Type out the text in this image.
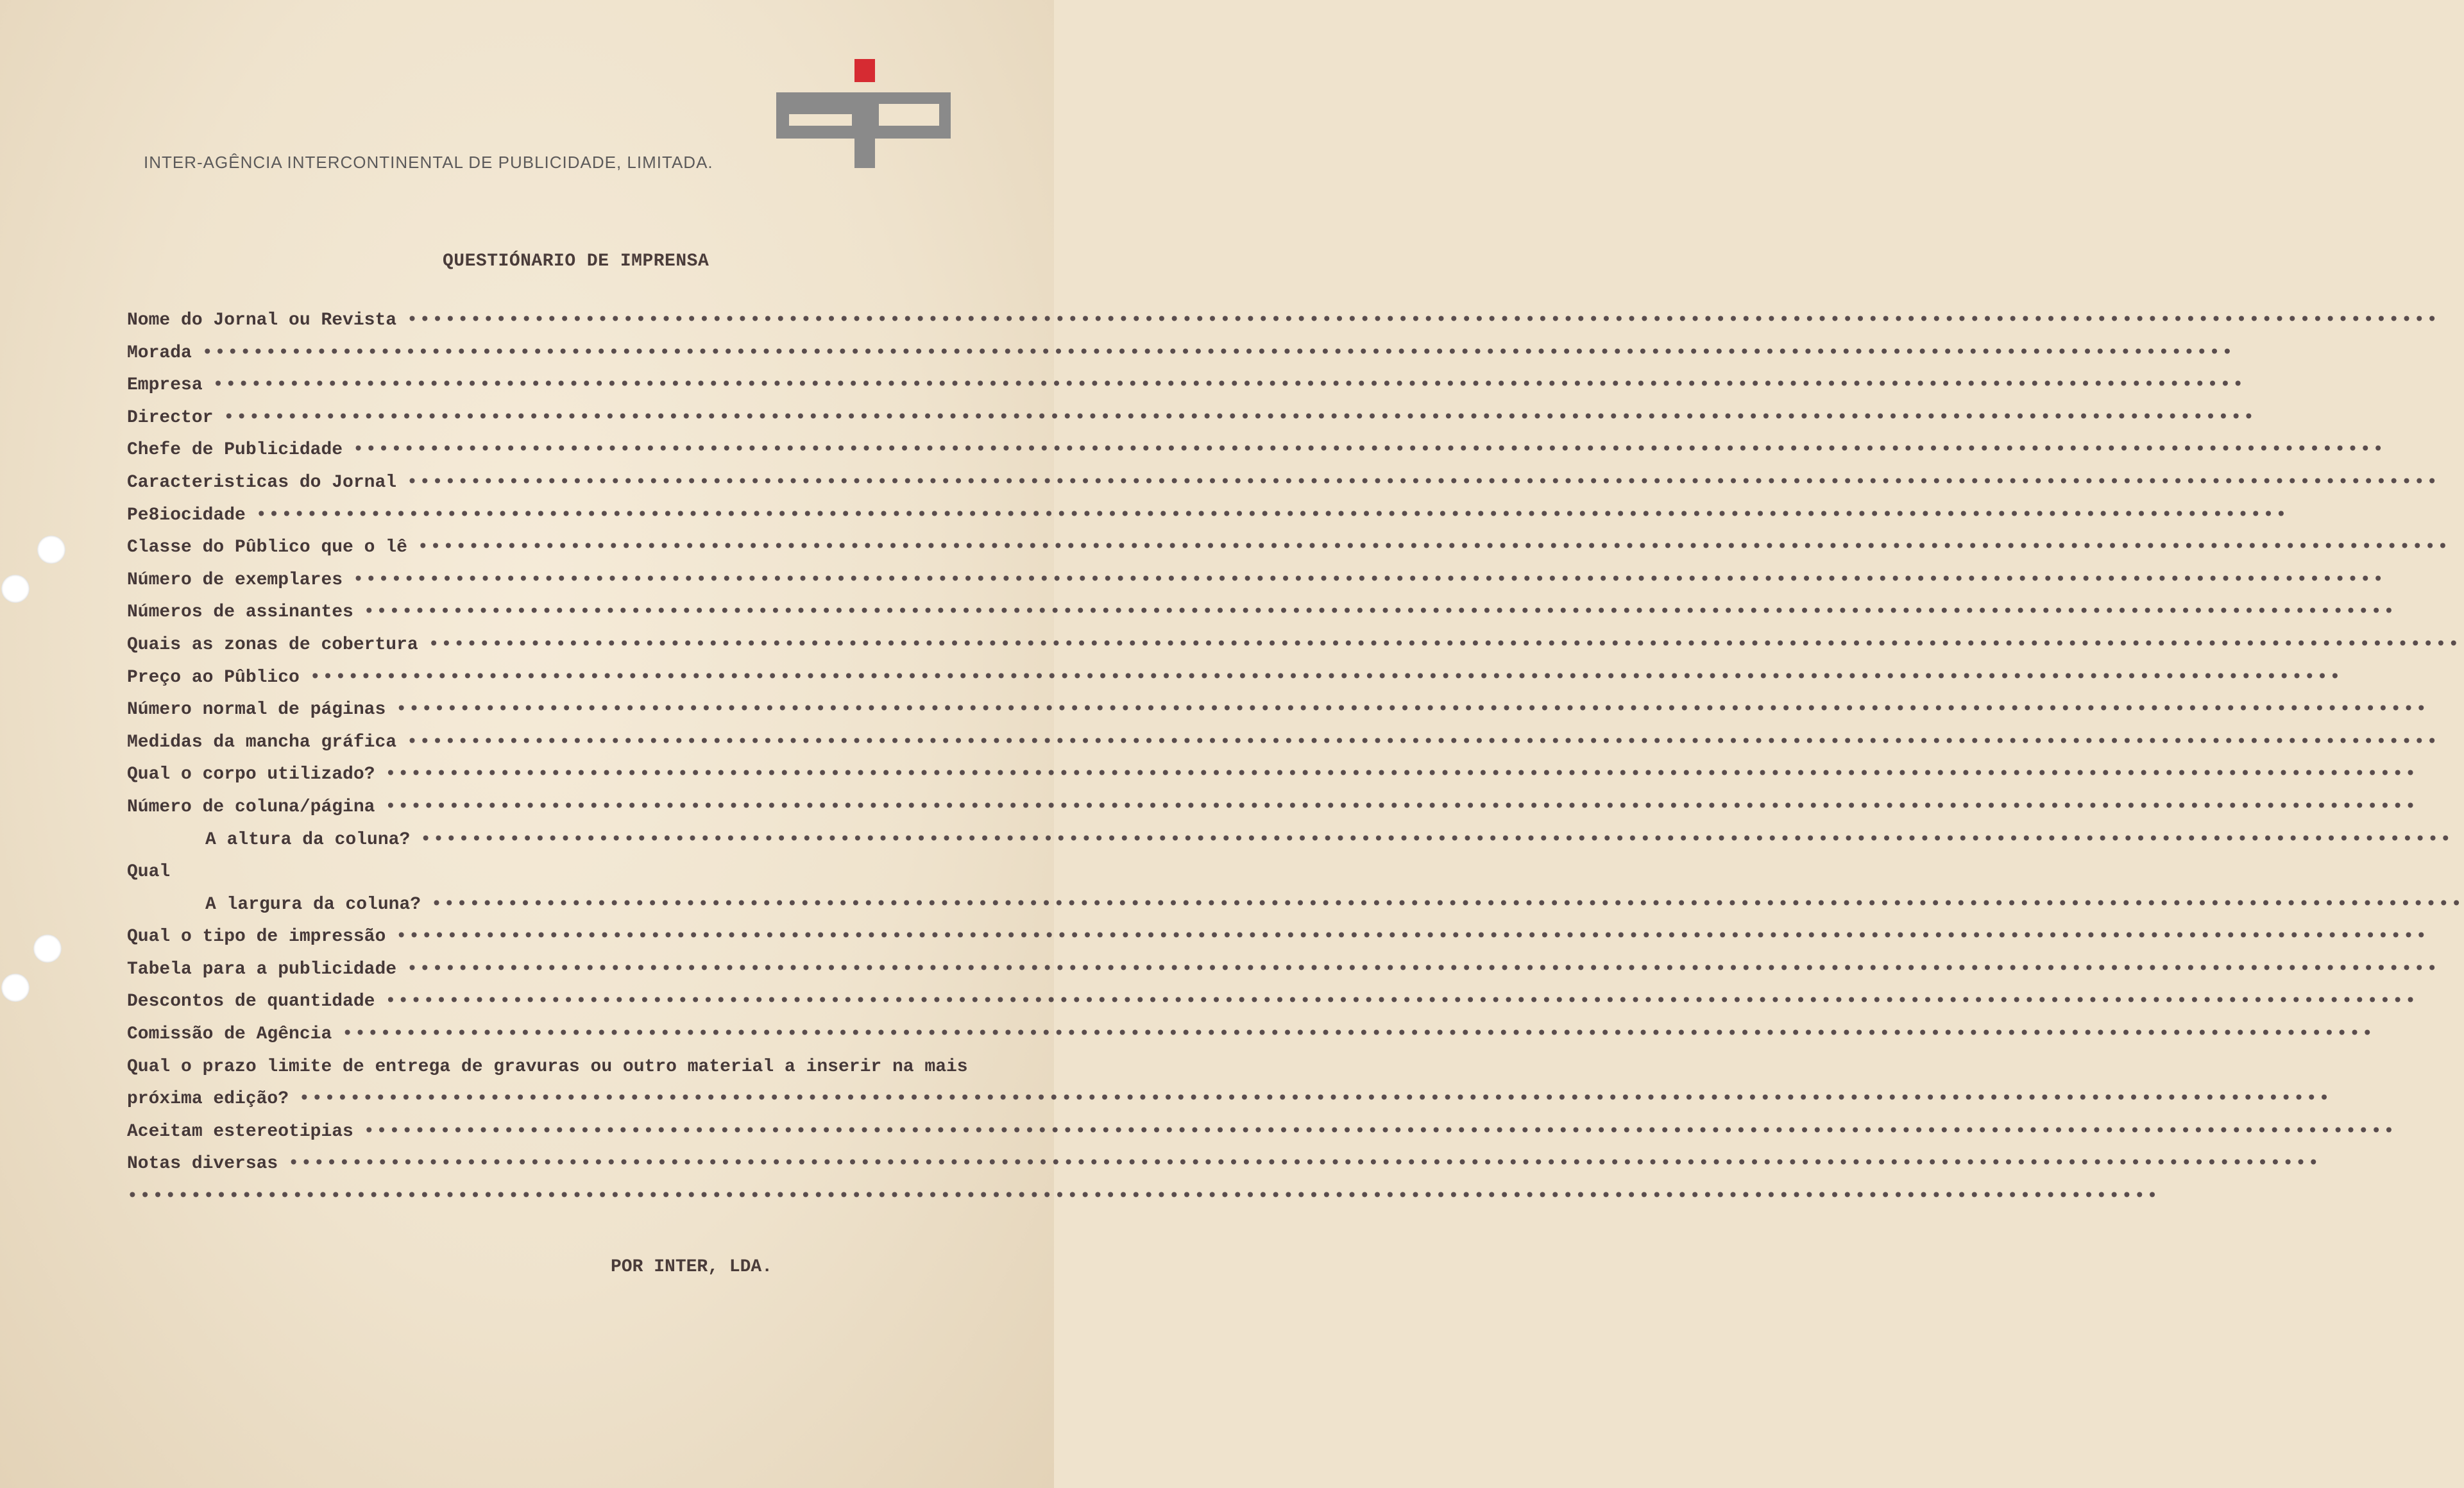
INTER-AGÊNCIA INTERCONTINENTAL DE PUBLICIDADE, LIMITADA.
QUESTIÓNARIO DE IMPRENSA
Nome do Jornal ou Revista ••••••••••••••••••••••••••••••••••••••••••••••••••••••••••••••••••••••••••••••••••••••••••••••••••••••••••••••••••••••••••••••••••••••••••••••••••••••••••••••••
Morada ••••••••••••••••••••••••••••••••••••••••••••••••••••••••••••••••••••••••••••••••••••••••••••••••••••••••••••••••••••••••••••••••••••••••••••••••••••••••••••••••
Empresa ••••••••••••••••••••••••••••••••••••••••••••••••••••••••••••••••••••••••••••••••••••••••••••••••••••••••••••••••••••••••••••••••••••••••••••••••••••••••••••••••
Director ••••••••••••••••••••••••••••••••••••••••••••••••••••••••••••••••••••••••••••••••••••••••••••••••••••••••••••••••••••••••••••••••••••••••••••••••••••••••••••••••
Chefe de Publicidade ••••••••••••••••••••••••••••••••••••••••••••••••••••••••••••••••••••••••••••••••••••••••••••••••••••••••••••••••••••••••••••••••••••••••••••••••••••••••••••••••
Caracteristicas do Jornal ••••••••••••••••••••••••••••••••••••••••••••••••••••••••••••••••••••••••••••••••••••••••••••••••••••••••••••••••••••••••••••••••••••••••••••••••••••••••••••••••
Pe8iocidade ••••••••••••••••••••••••••••••••••••••••••••••••••••••••••••••••••••••••••••••••••••••••••••••••••••••••••••••••••••••••••••••••••••••••••••••••••••••••••••••••
Classe do Pûblico que o lê ••••••••••••••••••••••••••••••••••••••••••••••••••••••••••••••••••••••••••••••••••••••••••••••••••••••••••••••••••••••••••••••••••••••••••••••••••••••••••••••••
Número de exemplares ••••••••••••••••••••••••••••••••••••••••••••••••••••••••••••••••••••••••••••••••••••••••••••••••••••••••••••••••••••••••••••••••••••••••••••••••••••••••••••••••
Números de assinantes ••••••••••••••••••••••••••••••••••••••••••••••••••••••••••••••••••••••••••••••••••••••••••••••••••••••••••••••••••••••••••••••••••••••••••••••••••••••••••••••••
Quais as zonas de cobertura ••••••••••••••••••••••••••••••••••••••••••••••••••••••••••••••••••••••••••••••••••••••••••••••••••••••••••••••••••••••••••••••••••••••••••••••••••••••••••••••••
Preço ao Pûblico ••••••••••••••••••••••••••••••••••••••••••••••••••••••••••••••••••••••••••••••••••••••••••••••••••••••••••••••••••••••••••••••••••••••••••••••••••••••••••••••••
Número normal de páginas ••••••••••••••••••••••••••••••••••••••••••••••••••••••••••••••••••••••••••••••••••••••••••••••••••••••••••••••••••••••••••••••••••••••••••••••••••••••••••••••••
Medidas da mancha gráfica ••••••••••••••••••••••••••••••••••••••••••••••••••••••••••••••••••••••••••••••••••••••••••••••••••••••••••••••••••••••••••••••••••••••••••••••••••••••••••••••••
Qual o corpo utilizado? ••••••••••••••••••••••••••••••••••••••••••••••••••••••••••••••••••••••••••••••••••••••••••••••••••••••••••••••••••••••••••••••••••••••••••••••••••••••••••••••••
Número de coluna/página ••••••••••••••••••••••••••••••••••••••••••••••••••••••••••••••••••••••••••••••••••••••••••••••••••••••••••••••••••••••••••••••••••••••••••••••••••••••••••••••••
A altura da coluna? ••••••••••••••••••••••••••••••••••••••••••••••••••••••••••••••••••••••••••••••••••••••••••••••••••••••••••••••••••••••••••••••••••••••••••••••••••••••••••••••••
Qual
A largura da coluna? ••••••••••••••••••••••••••••••••••••••••••••••••••••••••••••••••••••••••••••••••••••••••••••••••••••••••••••••••••••••••••••••••••••••••••••••••••••••••••••••••
Qual o tipo de impressão ••••••••••••••••••••••••••••••••••••••••••••••••••••••••••••••••••••••••••••••••••••••••••••••••••••••••••••••••••••••••••••••••••••••••••••••••••••••••••••••••
Tabela para a publicidade ••••••••••••••••••••••••••••••••••••••••••••••••••••••••••••••••••••••••••••••••••••••••••••••••••••••••••••••••••••••••••••••••••••••••••••••••••••••••••••••••
Descontos de quantidade ••••••••••••••••••••••••••••••••••••••••••••••••••••••••••••••••••••••••••••••••••••••••••••••••••••••••••••••••••••••••••••••••••••••••••••••••••••••••••••••••
Comissão de Agência ••••••••••••••••••••••••••••••••••••••••••••••••••••••••••••••••••••••••••••••••••••••••••••••••••••••••••••••••••••••••••••••••••••••••••••••••••••••••••••••••
Qual o prazo limite de entrega de gravuras ou outro material a inserir na mais
próxima edição? ••••••••••••••••••••••••••••••••••••••••••••••••••••••••••••••••••••••••••••••••••••••••••••••••••••••••••••••••••••••••••••••••••••••••••••••••••••••••••••••••
Aceitam estereotipias ••••••••••••••••••••••••••••••••••••••••••••••••••••••••••••••••••••••••••••••••••••••••••••••••••••••••••••••••••••••••••••••••••••••••••••••••••••••••••••••••
Notas diversas ••••••••••••••••••••••••••••••••••••••••••••••••••••••••••••••••••••••••••••••••••••••••••••••••••••••••••••••••••••••••••••••••••••••••••••••••••••••••••••••••
••••••••••••••••••••••••••••••••••••••••••••••••••••••••••••••••••••••••••••••••••••••••••••••••••••••••••••••••••••••••••••••••••••••••••••••••••••••••••••••••
POR INTER, LDA.
